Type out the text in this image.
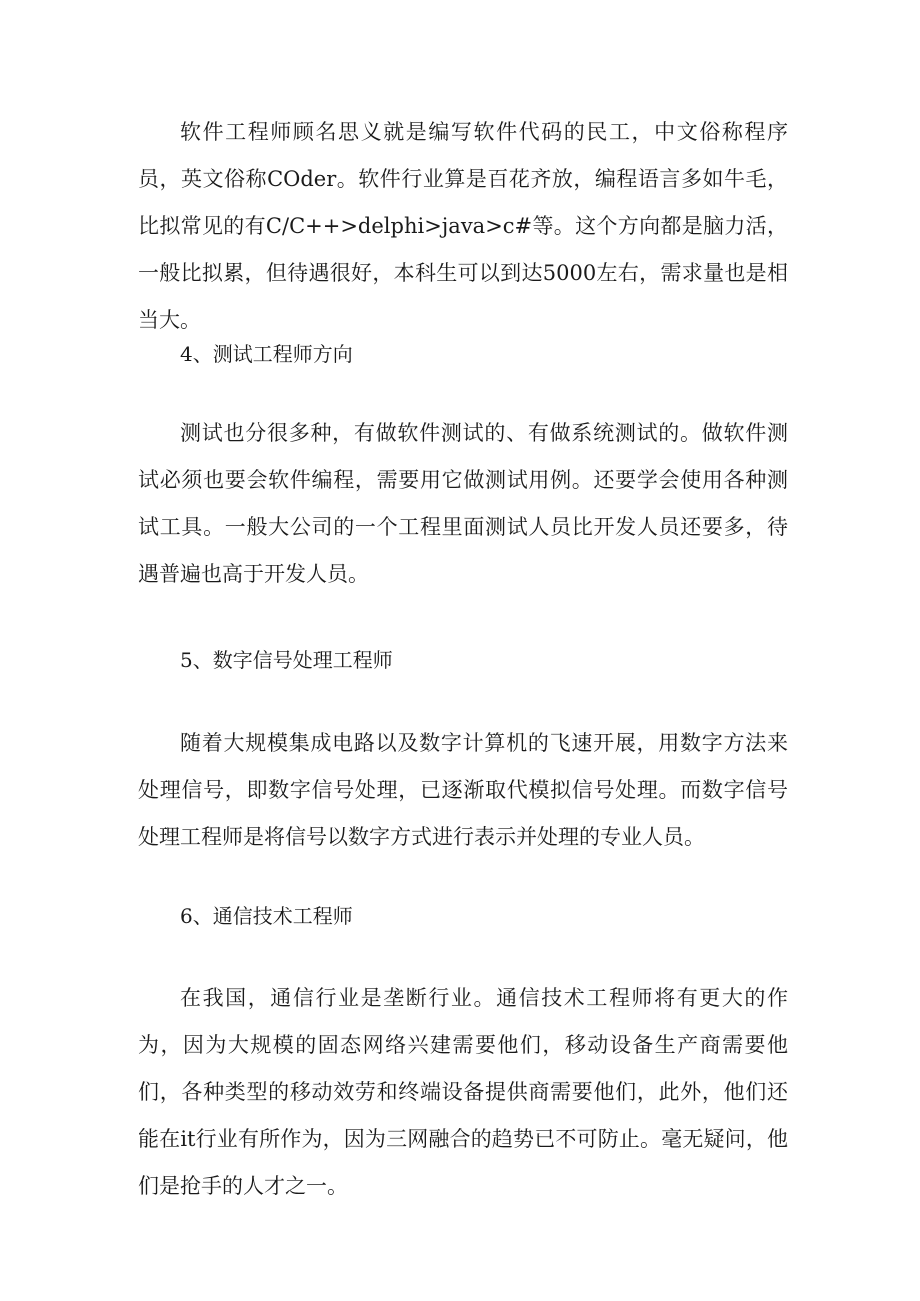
软件工程师顾名思义就是编写软件代码的民工，中文俗称程序员，英文俗称COder。软件行业算是百花齐放，编程语言多如牛毛，比拟常见的有C/C++>delphi>java>c#等。这个方向都是脑力活，一般比拟累，但待遇很好，本科生可以到达5000左右，需求量也是相当大。

4、测试工程师方向

测试也分很多种，有做软件测试的、有做系统测试的。做软件测试必须也要会软件编程，需要用它做测试用例。还要学会使用各种测试工具。一般大公司的一个工程里面测试人员比开发人员还要多，待遇普遍也高于开发人员。

5、数字信号处理工程师

随着大规模集成电路以及数字计算机的飞速开展，用数字方法来处理信号，即数字信号处理，已逐渐取代模拟信号处理。而数字信号处理工程师是将信号以数字方式进行表示并处理的专业人员。

6、通信技术工程师

在我国，通信行业是垄断行业。通信技术工程师将有更大的作为，因为大规模的固态网络兴建需要他们，移动设备生产商需要他们，各种类型的移动效劳和终端设备提供商需要他们，此外，他们还能在it行业有所作为，因为三网融合的趋势已不可防止。毫无疑问，他们是抢手的人才之一。
